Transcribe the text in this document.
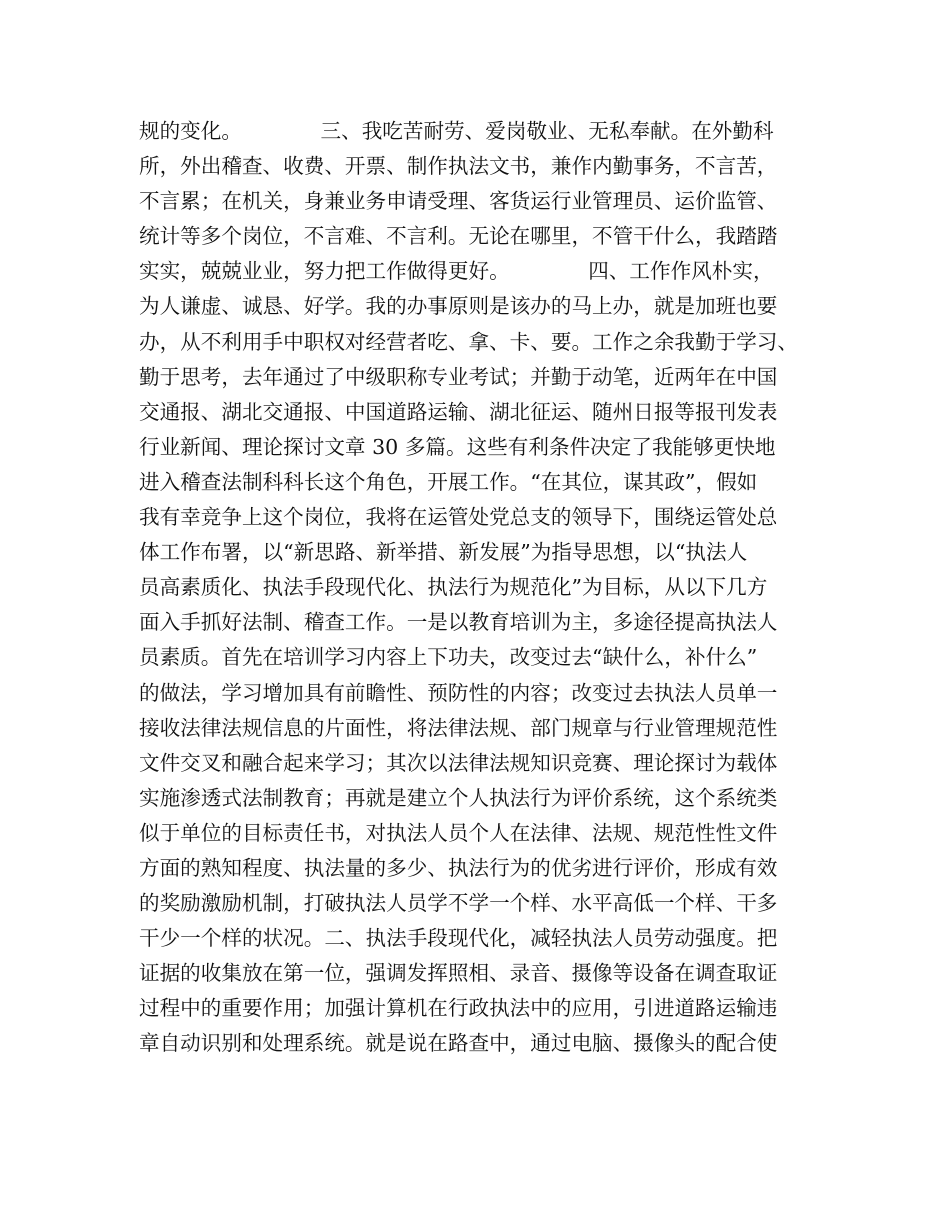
规的变化。            三、我吃苦耐劳、爱岗敬业、无私奉献。在外勤科
所，外出稽查、收费、开票、制作执法文书，兼作内勤事务，不言苦，
不言累；在机关，身兼业务申请受理、客货运行业管理员、运价监管、
统计等多个岗位，不言难、不言利。无论在哪里，不管干什么，我踏踏
实实，兢兢业业，努力把工作做得更好。            四、工作作风朴实，
为人谦虚、诚恳、好学。我的办事原则是该办的马上办，就是加班也要
办，从不利用手中职权对经营者吃、拿、卡、要。工作之余我勤于学习、
勤于思考，去年通过了中级职称专业考试；并勤于动笔，近两年在中国
交通报、湖北交通报、中国道路运输、湖北征运、随州日报等报刊发表
行业新闻、理论探讨文章 30 多篇。这些有利条件决定了我能够更快地
进入稽查法制科科长这个角色，开展工作。“在其位，谋其政”，假如
我有幸竞争上这个岗位，我将在运管处党总支的领导下，围绕运管处总
体工作布署，以“新思路、新举措、新发展”为指导思想，以“执法人
员高素质化、执法手段现代化、执法行为规范化”为目标，从以下几方
面入手抓好法制、稽查工作。一是以教育培训为主，多途径提高执法人
员素质。首先在培训学习内容上下功夫，改变过去“缺什么，补什么”
的做法，学习增加具有前瞻性、预防性的内容；改变过去执法人员单一
接收法律法规信息的片面性，将法律法规、部门规章与行业管理规范性
文件交叉和融合起来学习；其次以法律法规知识竞赛、理论探讨为载体
实施渗透式法制教育；再就是建立个人执法行为评价系统，这个系统类
似于单位的目标责任书，对执法人员个人在法律、法规、规范性性文件
方面的熟知程度、执法量的多少、执法行为的优劣进行评价，形成有效
的奖励激励机制，打破执法人员学不学一个样、水平高低一个样、干多
干少一个样的状况。二、执法手段现代化，减轻执法人员劳动强度。把
证据的收集放在第一位，强调发挥照相、录音、摄像等设备在调查取证
过程中的重要作用；加强计算机在行政执法中的应用，引进道路运输违
章自动识别和处理系统。就是说在路查中，通过电脑、摄像头的配合使
